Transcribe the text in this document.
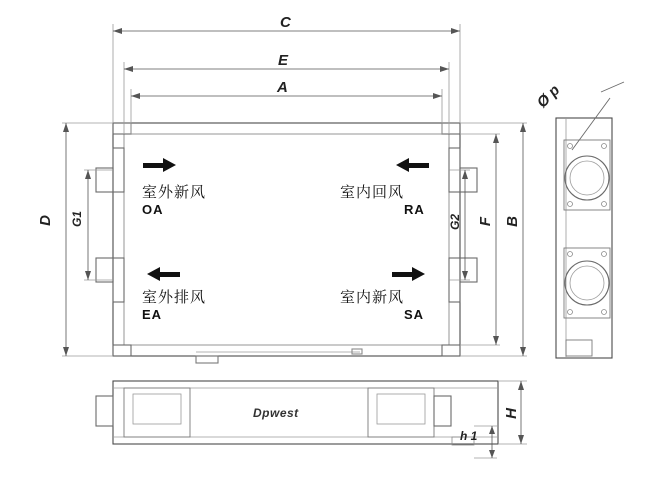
C
E
A
D G1	G2 F B
H
h 1
Ø p
室外新风
OA
室内回风
RA
室外排风
EA
室内新风
SA
Dpwest
